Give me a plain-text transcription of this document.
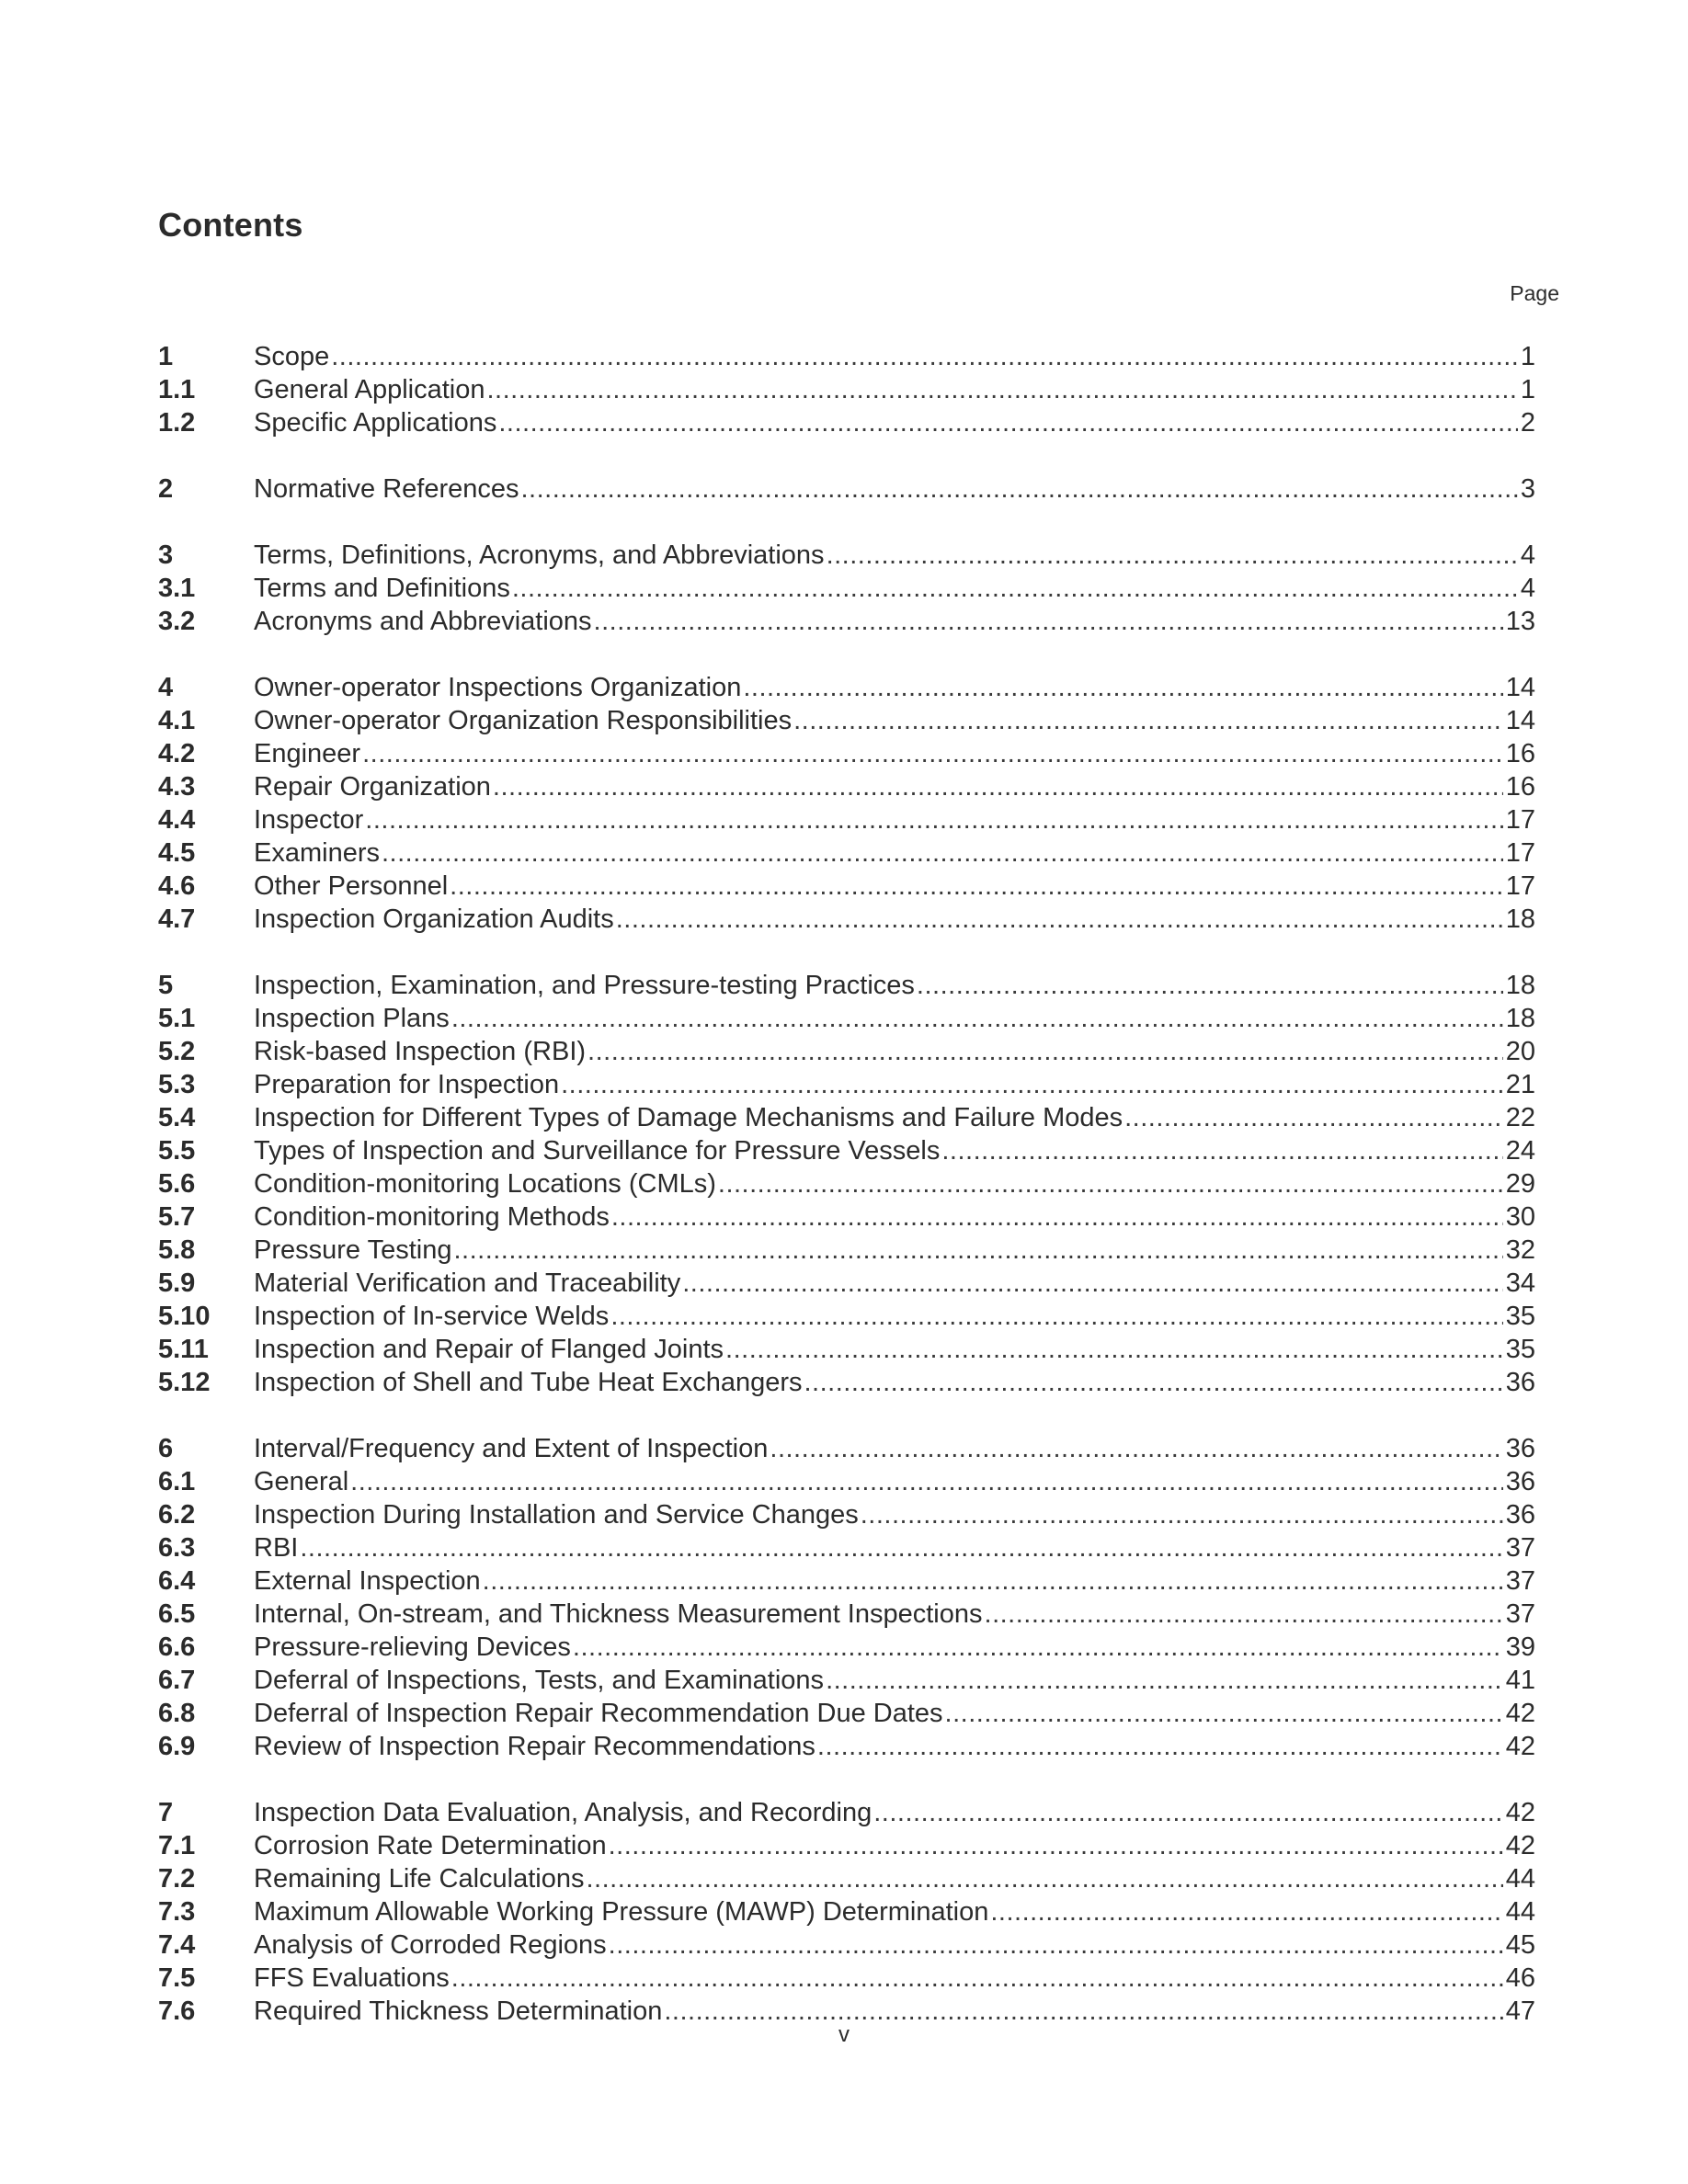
Contents
Page
1	Scope .....	1
1.1	General Application .....	1
1.2	Specific Applications .....	2
2	Normative References .....	3
3	Terms, Definitions, Acronyms, and Abbreviations .....	4
3.1	Terms and Definitions .....	4
3.2	Acronyms and Abbreviations .....	13
4	Owner-operator Inspections Organization .....	14
4.1	Owner-operator Organization Responsibilities .....	14
4.2	Engineer .....	16
4.3	Repair Organization .....	16
4.4	Inspector .....	17
4.5	Examiners .....	17
4.6	Other Personnel .....	17
4.7	Inspection Organization Audits .....	18
5	Inspection, Examination, and Pressure-testing Practices .....	18
5.1	Inspection Plans .....	18
5.2	Risk-based Inspection (RBI) .....	20
5.3	Preparation for Inspection .....	21
5.4	Inspection for Different Types of Damage Mechanisms and Failure Modes .....	22
5.5	Types of Inspection and Surveillance for Pressure Vessels .....	24
5.6	Condition-monitoring Locations (CMLs) .....	29
5.7	Condition-monitoring Methods .....	30
5.8	Pressure Testing .....	32
5.9	Material Verification and Traceability .....	34
5.10	Inspection of In-service Welds .....	35
5.11	Inspection and Repair of Flanged Joints .....	35
5.12	Inspection of Shell and Tube Heat Exchangers .....	36
6	Interval/Frequency and Extent of Inspection .....	36
6.1	General .....	36
6.2	Inspection During Installation and Service Changes .....	36
6.3	RBI .....	37
6.4	External Inspection .....	37
6.5	Internal, On-stream, and Thickness Measurement Inspections .....	37
6.6	Pressure-relieving Devices .....	39
6.7	Deferral of Inspections, Tests, and Examinations .....	41
6.8	Deferral of Inspection Repair Recommendation Due Dates .....	42
6.9	Review of Inspection Repair Recommendations .....	42
7	Inspection Data Evaluation, Analysis, and Recording .....	42
7.1	Corrosion Rate Determination .....	42
7.2	Remaining Life Calculations .....	44
7.3	Maximum Allowable Working Pressure (MAWP) Determination .....	44
7.4	Analysis of Corroded Regions .....	45
7.5	FFS Evaluations .....	46
7.6	Required Thickness Determination .....	47
v
